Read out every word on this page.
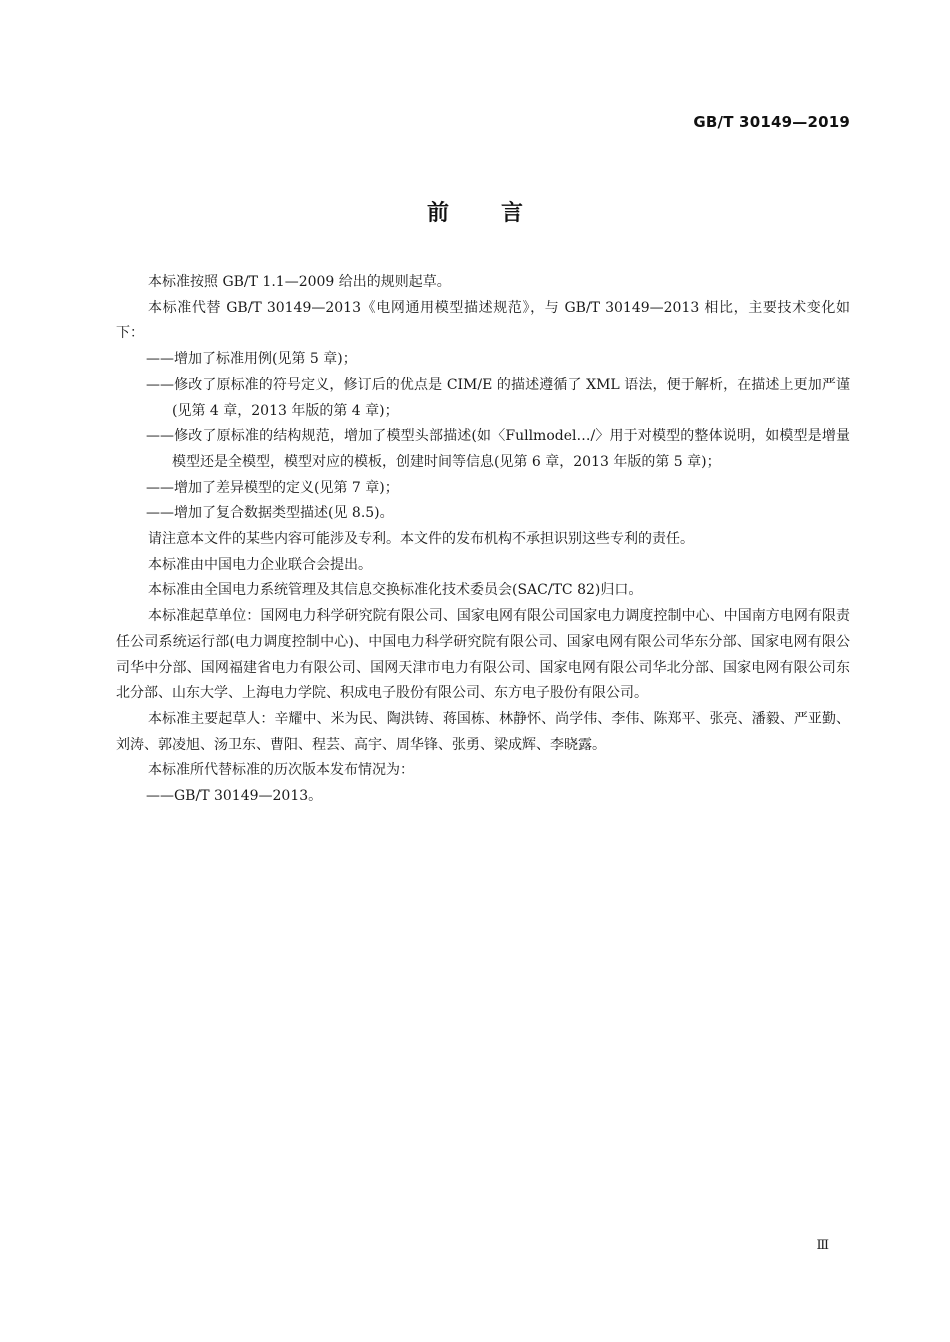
GB/T 30149—2019
前言

本标准按照 GB/T 1.1—2009 给出的规则起草。

本标准代替 GB/T 30149—2013《电网通用模型描述规范》，与 GB/T 30149—2013 相比，主要技术变化如下：

——增加了标准用例(见第 5 章)；

——修改了原标准的符号定义，修订后的优点是 CIM/E 的描述遵循了 XML 语法，便于解析，在描述上更加严谨(见第 4 章，2013 年版的第 4 章)；

——修改了原标准的结构规范，增加了模型头部描述(如〈Fullmodel…/〉用于对模型的整体说明，如模型是增量模型还是全模型，模型对应的模板，创建时间等信息(见第 6 章，2013 年版的第 5 章)；

——增加了差异模型的定义(见第 7 章)；

——增加了复合数据类型描述(见 8.5)。

请注意本文件的某些内容可能涉及专利。本文件的发布机构不承担识别这些专利的责任。

本标准由中国电力企业联合会提出。

本标准由全国电力系统管理及其信息交换标准化技术委员会(SAC/TC 82)归口。

本标准起草单位：国网电力科学研究院有限公司、国家电网有限公司国家电力调度控制中心、中国南方电网有限责任公司系统运行部(电力调度控制中心)、中国电力科学研究院有限公司、国家电网有限公司华东分部、国家电网有限公司华中分部、国网福建省电力有限公司、国网天津市电力有限公司、国家电网有限公司华北分部、国家电网有限公司东北分部、山东大学、上海电力学院、积成电子股份有限公司、东方电子股份有限公司。

本标准主要起草人：辛耀中、米为民、陶洪铸、蒋国栋、林静怀、尚学伟、李伟、陈郑平、张亮、潘毅、严亚勤、刘涛、郭凌旭、汤卫东、曹阳、程芸、高宇、周华锋、张勇、梁成辉、李晓露。

本标准所代替标准的历次版本发布情况为：

——GB/T 30149—2013。

Ⅲ
